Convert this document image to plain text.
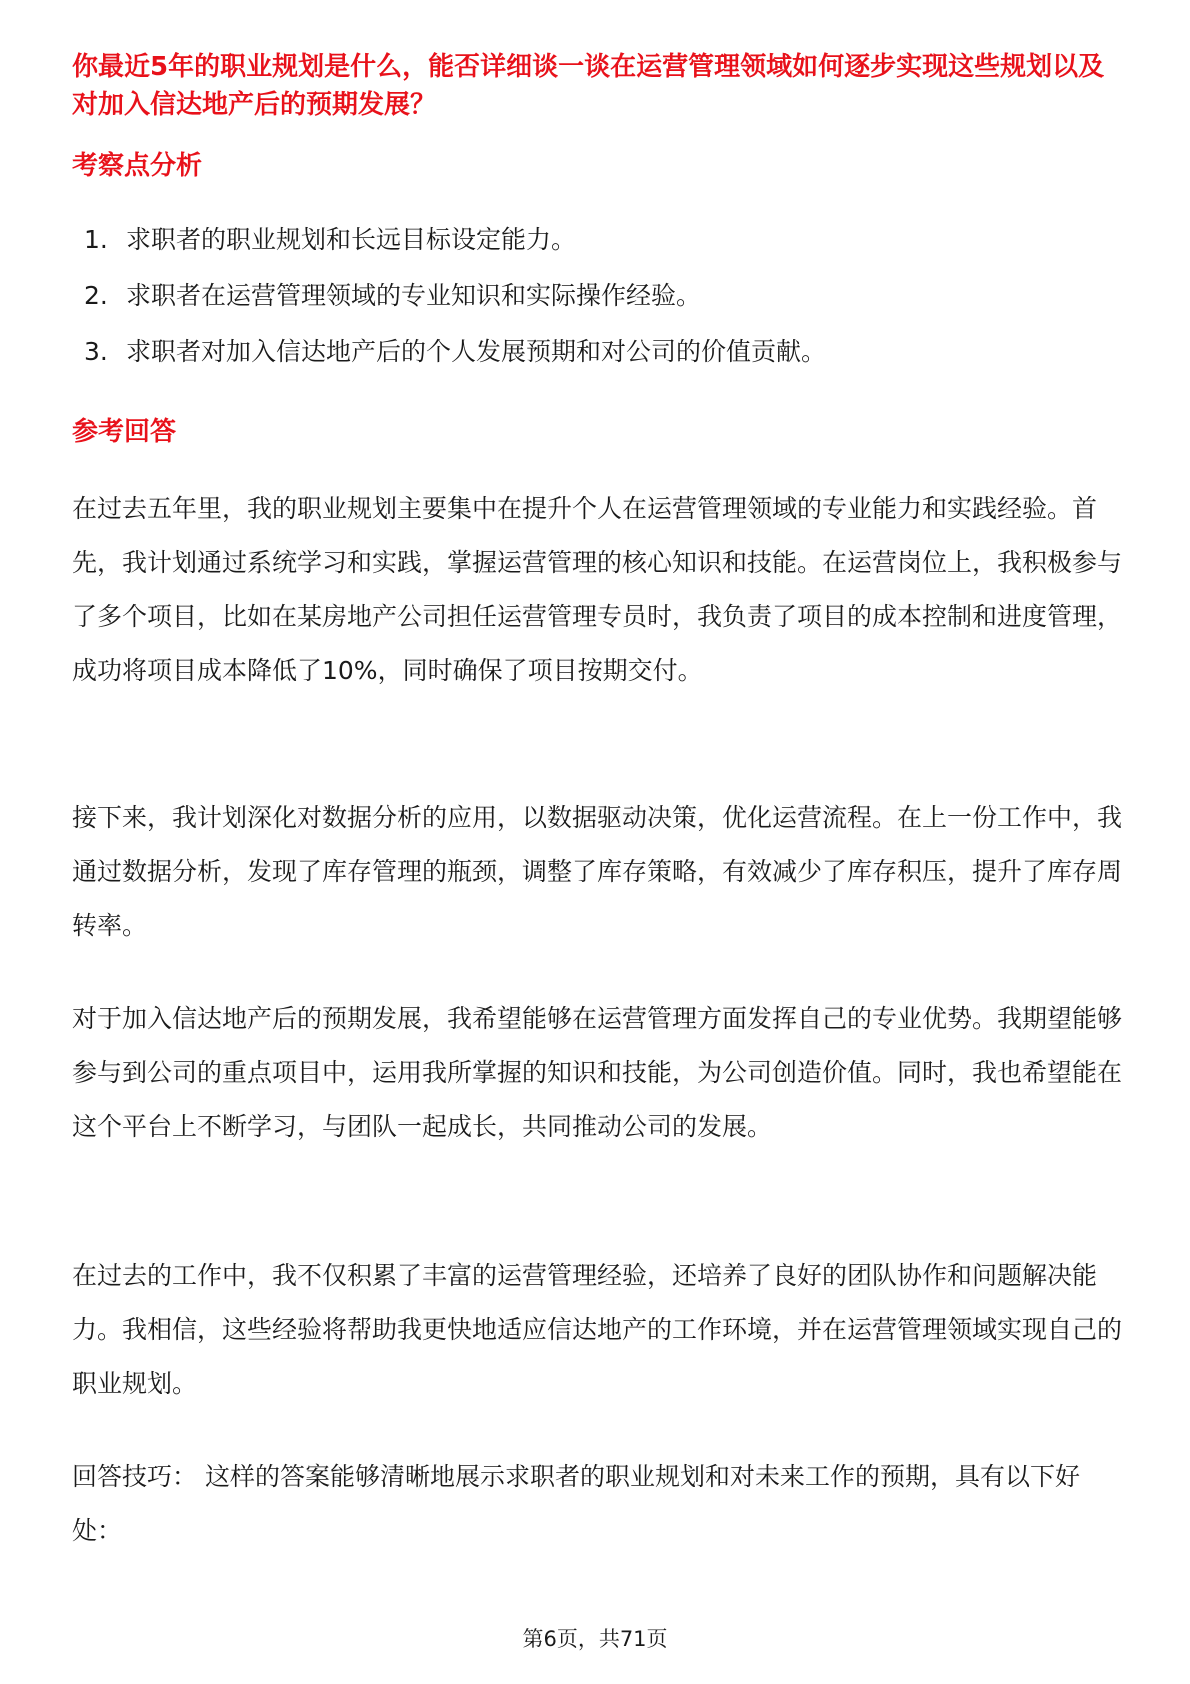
你最近5年的职业规划是什么，能否详细谈一谈在运营管理领域如何逐步实现这些规划以及对加入信达地产后的预期发展？

考察点分析
1. 求职者的职业规划和长远目标设定能力。
2. 求职者在运营管理领域的专业知识和实际操作经验。
3. 求职者对加入信达地产后的个人发展预期和对公司的价值贡献。
参考回答

在过去五年里，我的职业规划主要集中在提升个人在运营管理领域的专业能力和实践经验。首先，我计划通过系统学习和实践，掌握运营管理的核心知识和技能。在运营岗位上，我积极参与了多个项目，比如在某房地产公司担任运营管理专员时，我负责了项目的成本控制和进度管理，成功将项目成本降低了10%，同时确保了项目按期交付。

接下来，我计划深化对数据分析的应用，以数据驱动决策，优化运营流程。在上一份工作中，我通过数据分析，发现了库存管理的瓶颈，调整了库存策略，有效减少了库存积压，提升了库存周转率。

对于加入信达地产后的预期发展，我希望能够在运营管理方面发挥自己的专业优势。我期望能够参与到公司的重点项目中，运用我所掌握的知识和技能，为公司创造价值。同时，我也希望能在这个平台上不断学习，与团队一起成长，共同推动公司的发展。

在过去的工作中，我不仅积累了丰富的运营管理经验，还培养了良好的团队协作和问题解决能力。我相信，这些经验将帮助我更快地适应信达地产的工作环境，并在运营管理领域实现自己的职业规划。

回答技巧： 这样的答案能够清晰地展示求职者的职业规划和对未来工作的预期，具有以下好处：

第6页，共71页
